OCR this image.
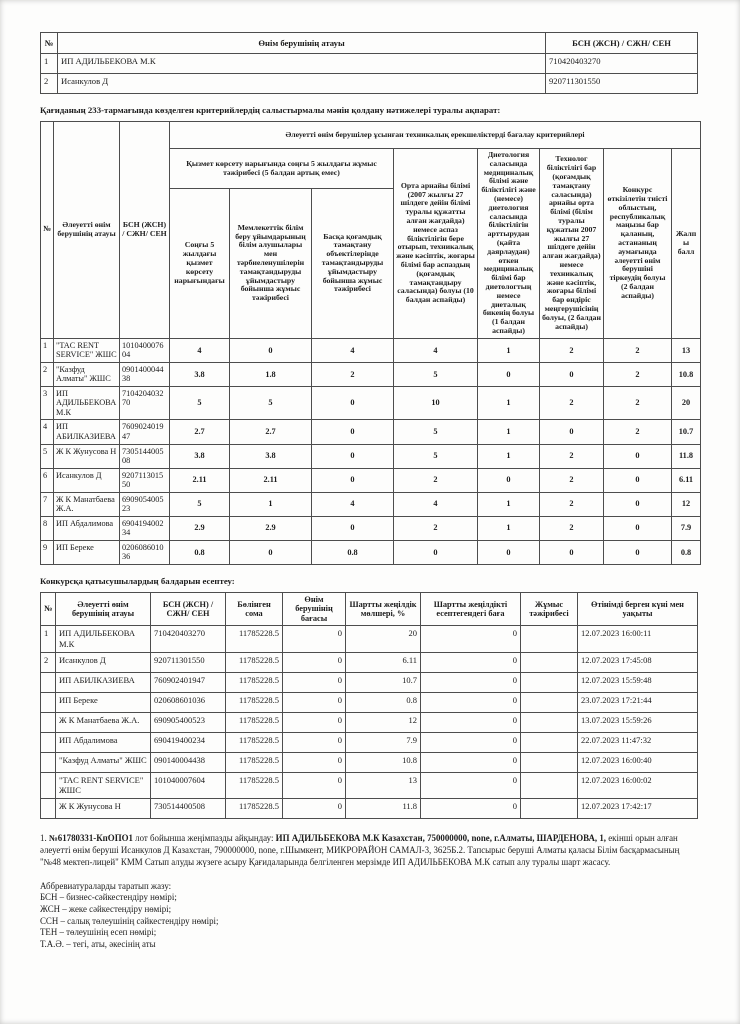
№	Өнім берушінің атауы	БСН (ЖСН) / СЖН/ СЕН
1	ИП АДИЛЬБЕКОВА М.К	710420403270
2	Исанкулов Д	920711301550
Қағиданың 233-тармағында көзделген критерийлердің салыстырмалы мәнін қолдану нәтижелері туралы ақпарат:
№	Әлеуетті өнім берушінің атауы	БСН (ЖСН) / СЖН/ СЕН	Әлеуетті өнім берушілер ұсынған техникалық ерекшеліктерді бағалау критерийлері							
Қызмет көрсету нарығында соңғы 5 жылдағы жұмыс тәжірибесі (5 балдан артық емес)	Орта арнайы білімі (2007 жылғы 27 шілдеге дейін білімі туралы құжатты алған жағдайда) немесе аспаз біліктілігін бере отырып, техникалық және кәсіптік, жоғары білімі бар аспаздың (қоғамдық тамақтандыру саласында) болуы (10 балдан аспайды)	Диетология саласында медициналық білімі және біліктілігі және (немесе) диетология саласында біліктілігін арттырудан (қайта даярлаудан) өткен медициналық білімі бар диетологтың немесе диеталық бикенің болуы (1 балдан аспайды)	Технолог біліктілігі бар (қоғамдық тамақтану саласында) арнайы орта білімі (білім туралы құжатын 2007 жылғы 27 шілдеге дейін алған жағдайда) немесе техникалық және кәсіптік, жоғары білімі бар өндіріс меңгерушісінің болуы, (2 балдан аспайды)	Конкурс өткізілетін тиісті облыстың, республикалық маңызы бар қаланың, астананың аумағында әлеуетті өнім берушіні тіркеудің болуы (2 балдан аспайды)	Жалпы балл
			Соңғы 5 жылдағы қызмет көрсету нарығындағы	Мемлекеттік білім беру ұйымдарының білім алушылары мен тәрбиеленушілерін тамақтандыруды ұйымдастыру бойынша жұмыс тәжірибесі	Басқа қоғамдық тамақтану объектілерінде тамақтандыруды ұйымдастыру бойынша жұмыс тәжірибесі					
1	"TAC RENT SERVICE" ЖШС	101040007604	4	0	4	4	1	2	2	13
2	"Казфуд Алматы" ЖШС	090140004438	3.8	1.8	2	5	0	0	2	10.8
3	ИП АДИЛЬБЕКОВА М.К	710420403270	5	5	0	10	1	2	2	20
4	ИП АБИЛКАЗИЕВА	760902401947	2.7	2.7	0	5	1	0	2	10.7
5	Ж К Жунусова Н	730514400508	3.8	3.8	0	5	1	2	0	11.8
6	Исанкулов Д	920711301550	2.11	2.11	0	2	0	2	0	6.11
7	Ж К Манатбаева Ж.А.	690905400523	5	1	4	4	1	2	0	12
8	ИП Абдалимова	690419400234	2.9	2.9	0	2	1	2	0	7.9
9	ИП Береке	020608601036	0.8	0	0.8	0	0	0	0	0.8
Конкурсқа қатысушылардың балдарын есептеу:
№	Әлеуетті өнім берушінің атауы	БСН (ЖСН) / СЖН/ СЕН	Бөлінген сома	Өнім берушінің бағасы	Шартты жеңілдік мөлшері, %	Шартты жеңілдікті есептегендегі баға	Жұмыс тәжірибесі	Өтінімді берген күні мен уақыты
1	ИП АДИЛЬБЕКОВА М.К	710420403270	11785228.5	0	20	0		12.07.2023 16:00:11
2	Исанкулов Д	920711301550	11785228.5	0	6.11	0		12.07.2023 17:45:08
	ИП АБИЛКАЗИЕВА	760902401947	11785228.5	0	10.7	0		12.07.2023 15:59:48
	ИП Береке	020608601036	11785228.5	0	0.8	0		23.07.2023 17:21:44
	Ж К Манатбаева Ж.А.	690905400523	11785228.5	0	12	0		13.07.2023 15:59:26
	ИП Абдалимова	690419400234	11785228.5	0	7.9	0		22.07.2023 11:47:32
	"Казфуд Алматы" ЖШС	090140004438	11785228.5	0	10.8	0		12.07.2023 16:00:40
	"TAC RENT SERVICE" ЖШС	101040007604	11785228.5	0	13	0		12.07.2023 16:00:02
	Ж К Жунусова Н	730514400508	11785228.5	0	11.8	0		12.07.2023 17:42:17
1. №61780331-КпОПО1 лот бойынша жеңімпазды айқындау: ИП АДИЛЬБЕКОВА М.К Казахстан, 750000000, none, г.Алматы, ШАРДЕНОВА, 1, екінші орын алған әлеуетті өнім беруші Исанкулов Д Казахстан, 790000000, none, г.Шымкент, МИКРОРАЙОН САМАЛ-3, 3625Б.2. Тапсырыс беруші Алматы қаласы Білім басқармасының "№48 мектеп-лицей" КММ Сатып алуды жүзеге асыру Қағидаларында белгіленген мерзімде ИП АДИЛЬБЕКОВА М.К сатып алу туралы шарт жасасу.
Аббревиатураларды таратып жазу:
БСН – бизнес-сәйкестендіру нөмірі;
ЖСН – жеке сәйкестендіру нөмірі;
ССН – салық төлеушінің сәйкестендіру нөмірі;
ТЕН – төлеушінің есеп нөмірі;
Т.А.Ә. – тегі, аты, әкесінің аты
